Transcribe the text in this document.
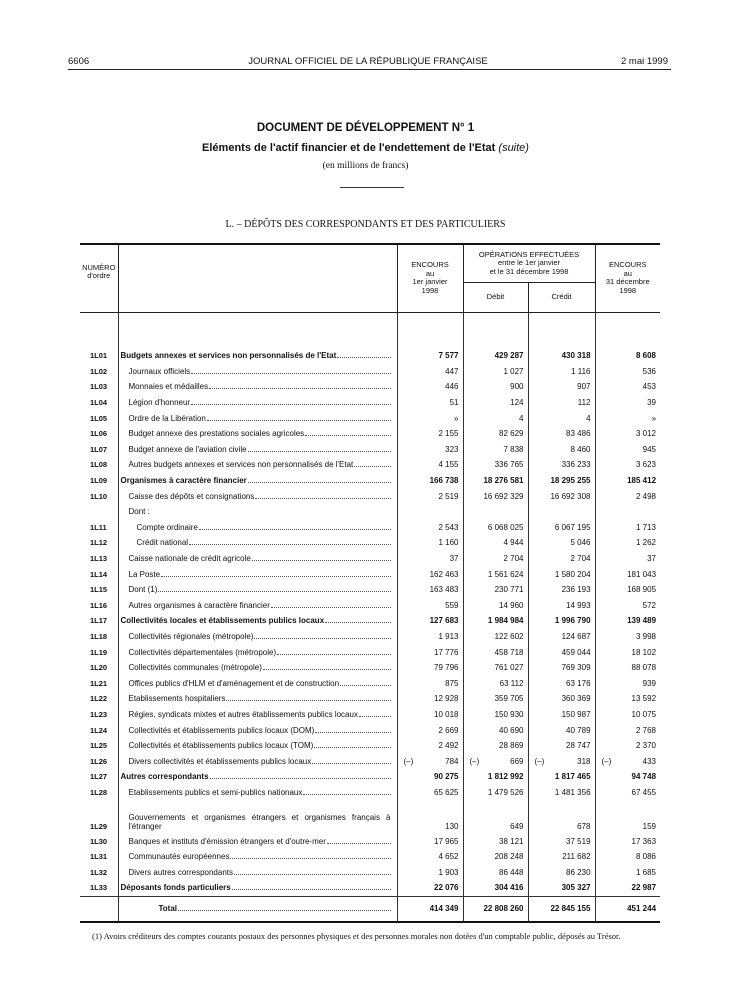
6606	JOURNAL OFFICIEL DE LA RÉPUBLIQUE FRANÇAISE	2 mai 1999
DOCUMENT DE DÉVELOPPEMENT N° 1
Eléments de l'actif financier et de l'endettement de l'Etat (suite)
(en millions de francs)
L. – DÉPÔTS DES CORRESPONDANTS ET DES PARTICULIERS
NUMÉRO
d'ordre		ENCOURS
au
1er janvier
1998	OPÉRATIONS EFFECTUÉES
entre le 1er janvier
et le 31 décembre 1998		ENCOURS
au
31 décembre
1998
			Débit	Crédit	

1L01	Budgets annexes et services non personnalisés de l'Etat	7 577	429 287	430 318	8 608
1L02	Journaux officiels	447	1 027	1 116	536
1L03	Monnaies et médailles	446	900	907	453
1L04	Légion d'honneur	51	124	112	39
1L05	Ordre de la Libération	»	4	4	»
1L06	Budget annexe des prestations sociales agricoles	2 155	82 629	83 486	3 012
1L07	Budget annexe de l'aviation civile	323	7 838	8 460	945
1L08	Autres budgets annexes et services non personnalisés de l'Etat	4 155	336 765	336 233	3 623
1L09	Organismes à caractère financier	166 738	18 276 581	18 295 255	185 412
1L10	Caisse des dépôts et consignations	2 519	16 692 329	16 692 308	2 498

	Dont :				

1L11	Compte ordinaire	2 543	6 068 025	6 067 195	1 713
1L12	Crédit national	1 160	4 944	5 046	1 262
1L13	Caisse nationale de crédit agricole	37	2 704	2 704	37
1L14	La Poste	162 463	1 561 624	1 580 204	181 043
1L15	Dont (1)	163 483	230 771	236 193	168 905
1L16	Autres organismes à caractère financier	559	14 960	14 993	572
1L17	Collectivités locales et établissements publics locaux	127 683	1 984 984	1 996 790	139 489
1L18	Collectivités régionales (métropole)	1 913	122 602	124 687	3 998
1L19	Collectivités départementales (métropole)	17 776	458 718	459 044	18 102
1L20	Collectivités communales (métropole)	79 796	761 027	769 309	88 078
1L21	Offices publics d'HLM et d'aménagement et de construction	875	63 112	63 176	939
1L22	Etablissements hospitaliers	12 928	359 705	360 369	13 592
1L23	Régies, syndicats mixtes et autres établissements publics locaux	10 018	150 930	150 987	10 075
1L24	Collectivités et établissements publics locaux (DOM)	2 669	40 690	40 789	2 768
1L25	Collectivités et établissements publics locaux (TOM)	2 492	28 869	28 747	2 370
1L26	Divers collectivités et établissements publics locaux	(–) 784	(–) 669	(–) 318	(–) 433
1L27	Autres correspondants	90 275	1 812 992	1 817 465	94 748
1L28	Etablissements publics et semi-publics nationaux	65 625	1 479 526	1 481 356	67 455
1L29	Gouvernements et organismes étrangers et organismes français à l'étranger	130	649	678	159
1L30	Banques et instituts d'émission étrangers et d'outre-mer	17 965	38 121	37 519	17 363
1L31	Communautés européennes	4 652	208 248	211 682	8 086
1L32	Divers autres correspondants	1 903	86 448	86 230	1 685
1L33	Déposants fonds particuliers	22 076	304 416	305 327	22 987

	Total	414 349	22 808 260	22 845 155	451 244
(1) Avoirs créditeurs des comptes courants postaux des personnes physiques et des personnes morales non dotées d'un comptable public, déposés au Trésor.
